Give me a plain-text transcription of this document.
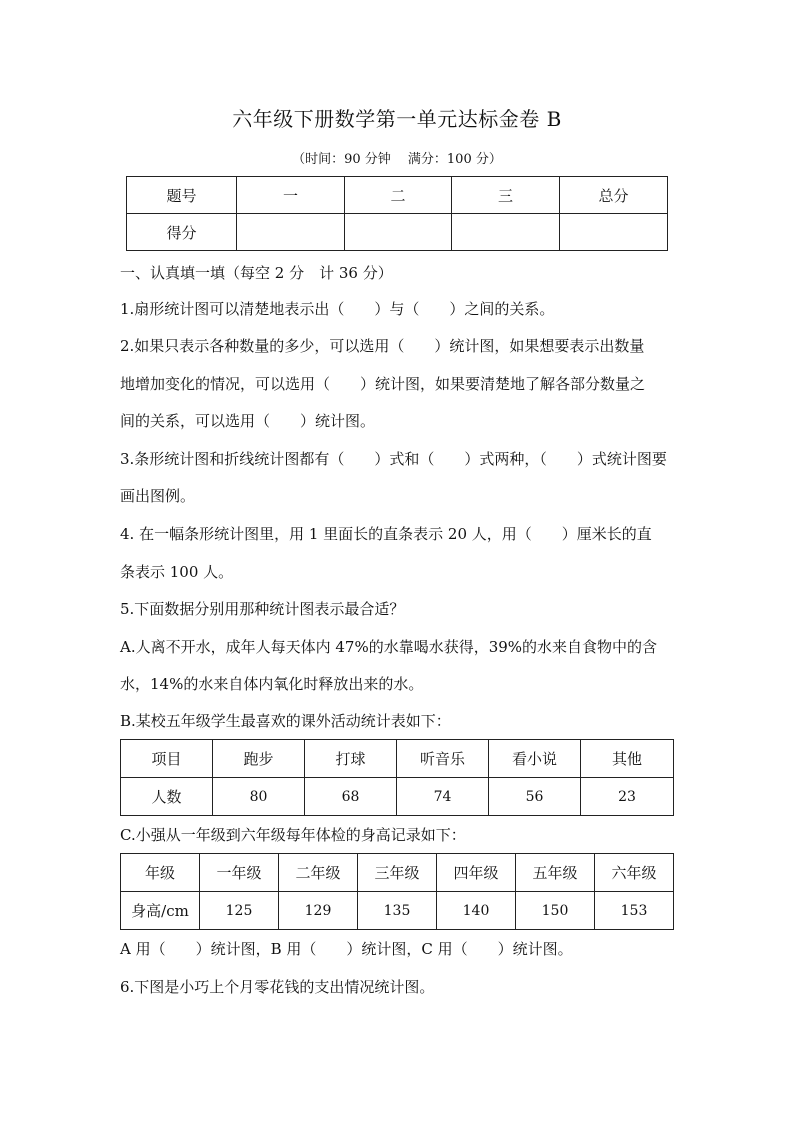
六年级下册数学第一单元达标金卷 B
（时间：90 分钟　 满分：100 分）
题号	一	二	三	总分
得分				
一、认真填一填（每空 2 分　计 36 分）
1.扇形统计图可以清楚地表示出（　　）与（　　）之间的关系。
2.如果只表示各种数量的多少，可以选用（　　）统计图，如果想要表示出数量
地增加变化的情况，可以选用（　　）统计图，如果要清楚地了解各部分数量之
间的关系，可以选用（　　）统计图。
3.条形统计图和折线统计图都有（　　）式和（　　）式两种，（　　）式统计图要
画出图例。
4. 在一幅条形统计图里，用 1 里面长的直条表示 20 人，用（　　）厘米长的直
条表示 100 人。
5.下面数据分别用那种统计图表示最合适？
A.人离不开水，成年人每天体内 47%的水靠喝水获得，39%的水来自食物中的含
水，14%的水来自体内氧化时释放出来的水。
B.某校五年级学生最喜欢的课外活动统计表如下：
项目	跑步	打球	听音乐	看小说	其他
人数	80	68	74	56	23
C.小强从一年级到六年级每年体检的身高记录如下：
年级	一年级	二年级	三年级	四年级	五年级	六年级
身高/cm	125	129	135	140	150	153
A 用（　　）统计图，B 用（　　）统计图，C 用（　　）统计图。
6.下图是小巧上个月零花钱的支出情况统计图。
